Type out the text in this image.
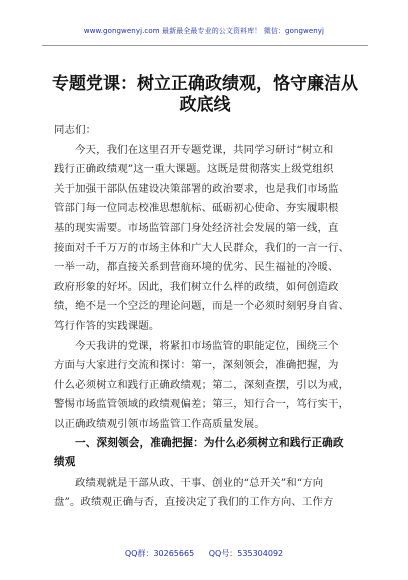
www.gongwenyj.com 最新最全最专业的公文资料库！ 微信：gongwenyj
专题党课：树立正确政绩观，恪守廉洁从
政底线
同志们：
今天，我们在这里召开专题党课，共同学习研讨“树立和
践行正确政绩观”这一重大课题。这既是贯彻落实上级党组织
关于加强干部队伍建设决策部署的政治要求，也是我们市场监
管部门每一位同志校准思想航标、砥砺初心使命、夯实履职根
基的现实需要。市场监管部门身处经济社会发展的第一线，直
接面对千千万万的市场主体和广大人民群众，我们的一言一行、
一举一动，都直接关系到营商环境的优劣、民生福祉的冷暖、
政府形象的好坏。因此，我们树立什么样的政绩，如何创造政
绩，绝不是一个空泛的理论问题，而是一个必须时刻躬身自省、
笃行作答的实践课题。
今天我讲的党课，将紧扣市场监管的职能定位，围绕三个
方面与大家进行交流和探讨：第一，深刻领会，准确把握，为
什么必须树立和践行正确政绩观；第二，深刻查摆，引以为戒，
警惕市场监管领域的政绩观偏差；第三，知行合一，笃行实干，
以正确政绩观引领市场监管工作高质量发展。
一、深刻领会，准确把握：为什么必须树立和践行正确政
绩观
政绩观就是干部从政、干事、创业的“总开关”和“方向
盘”。政绩观正确与否，直接决定了我们的工作方向、工作方
QQ群：30265665 QQ号：535304092
